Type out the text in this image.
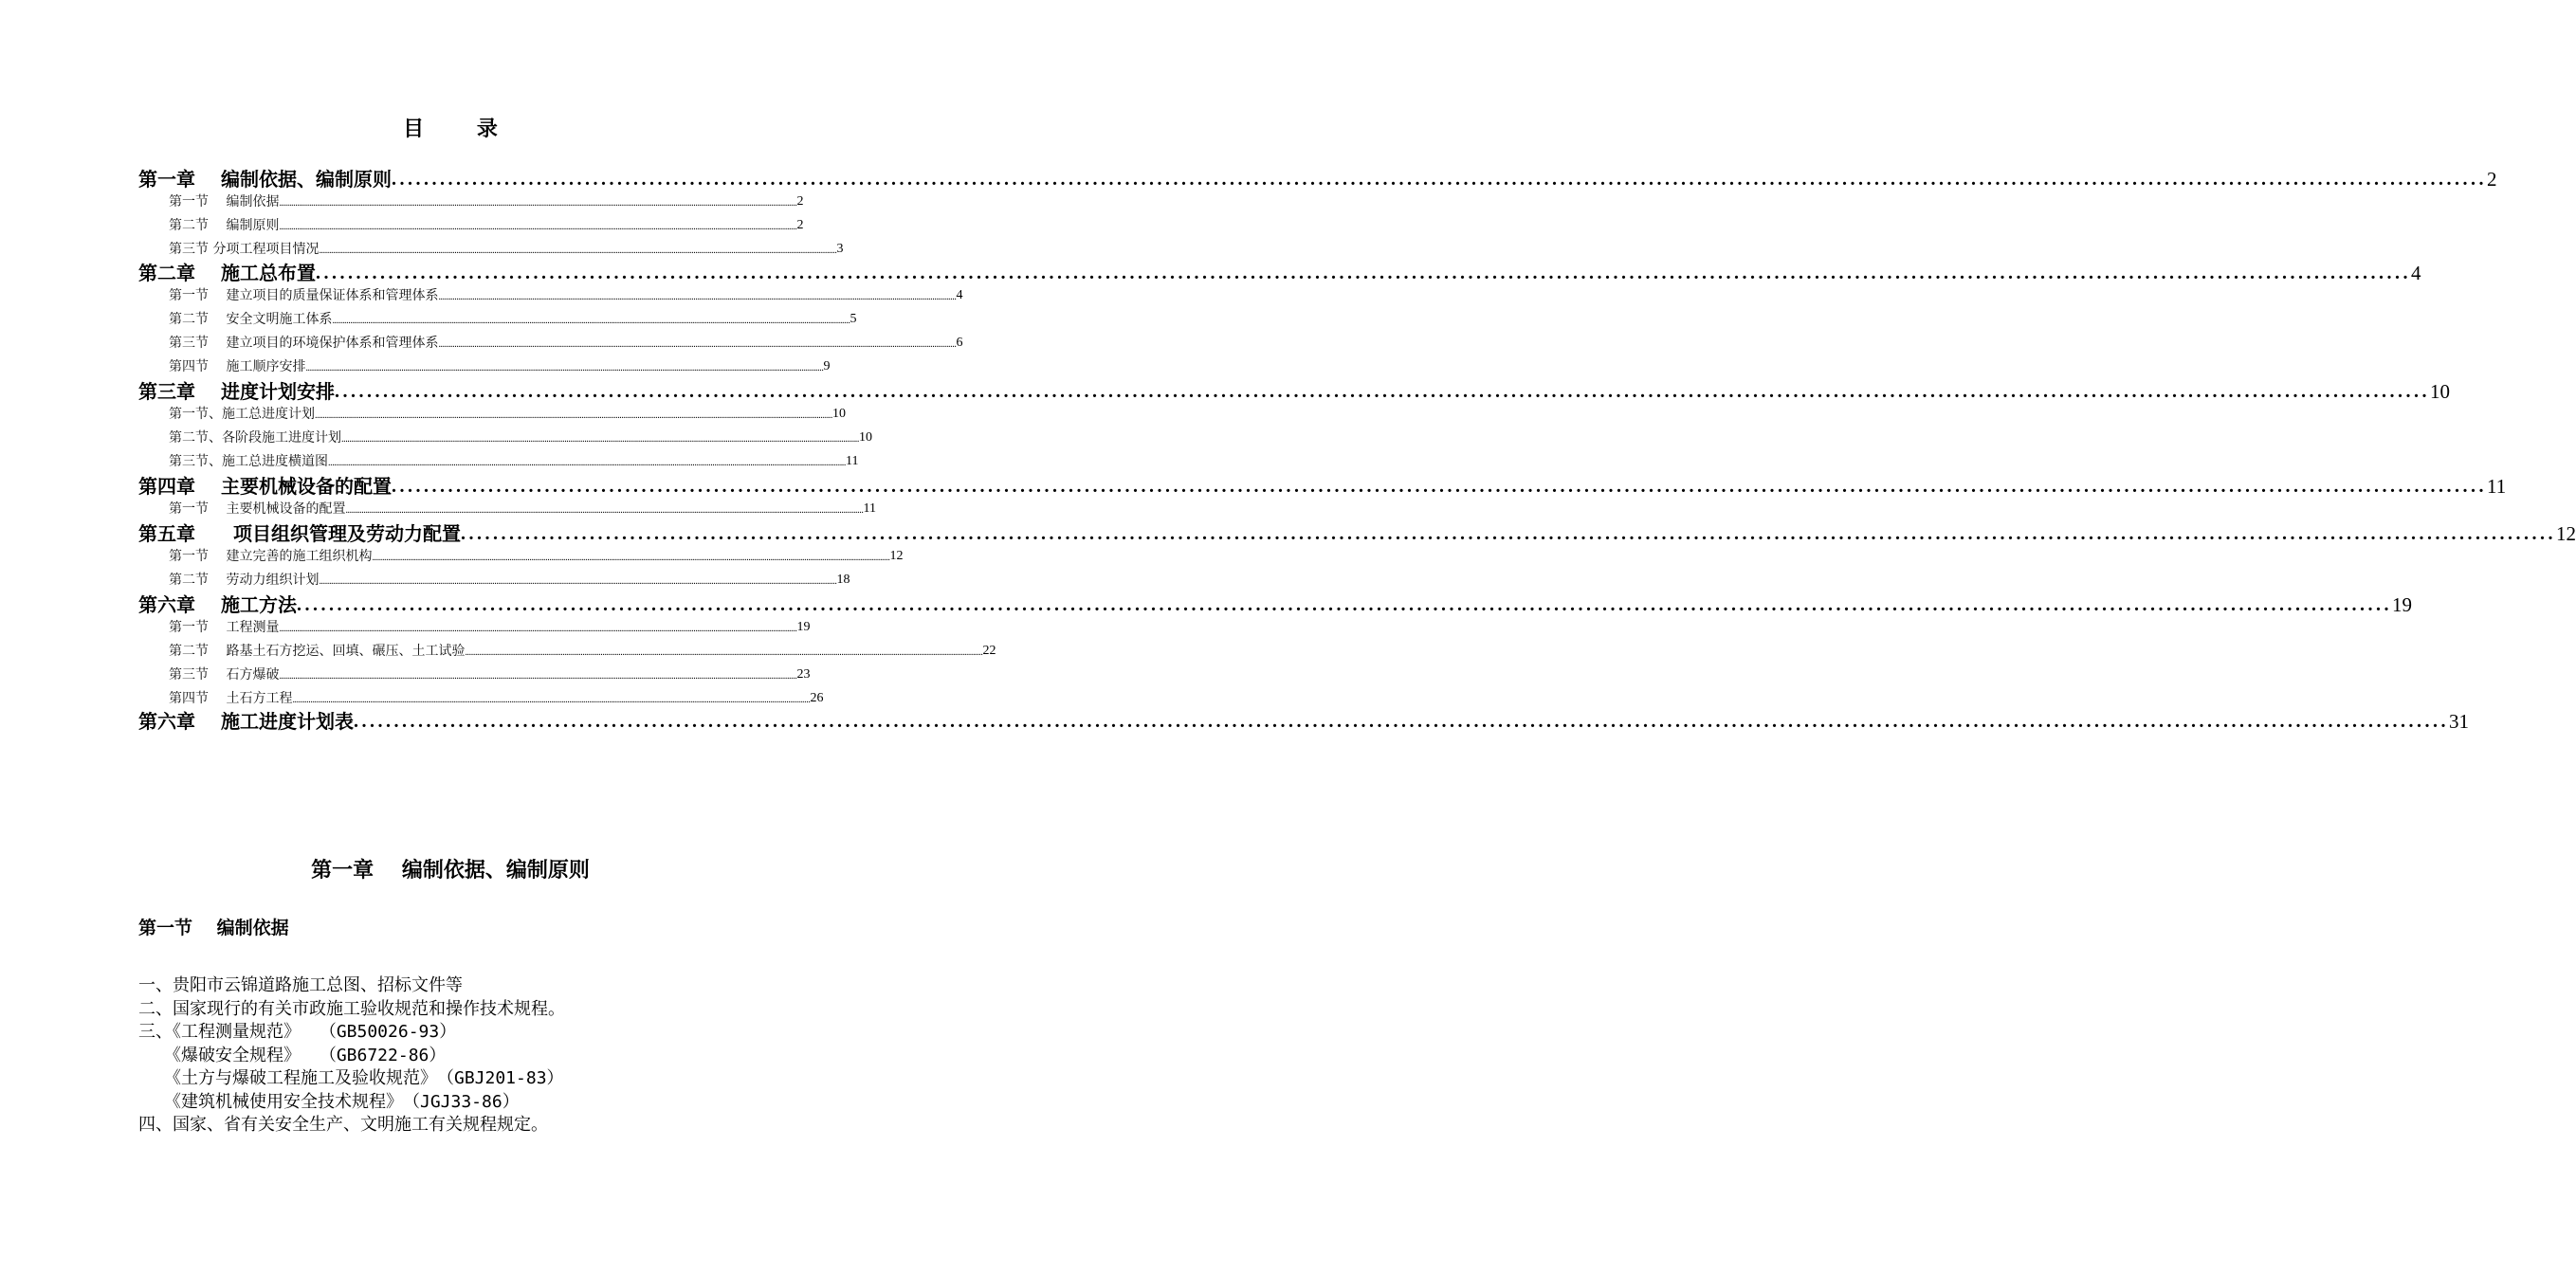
目 录
第一章　 编制依据、编制原则 .................................................................................................................................................................................................................................................................... 2
第一节　 编制依据 .................................................................................................................................................................................................................................................................... 2
第二节　 编制原则 .................................................................................................................................................................................................................................................................... 2
第三节 分项工程项目情况 .................................................................................................................................................................................................................................................................... 3
第二章　 施工总布置 .................................................................................................................................................................................................................................................................... 4
第一节　 建立项目的质量保证体系和管理体系 .................................................................................................................................................................................................................................................................... 4
第二节　 安全文明施工体系 .................................................................................................................................................................................................................................................................... 5
第三节　 建立项目的环境保护体系和管理体系 .................................................................................................................................................................................................................................................................... 6
第四节　 施工顺序安排 .................................................................................................................................................................................................................................................................... 9
第三章　 进度计划安排 .................................................................................................................................................................................................................................................................... 10
第一节、施工总进度计划 .................................................................................................................................................................................................................................................................... 10
第二节、各阶段施工进度计划 .................................................................................................................................................................................................................................................................... 10
第三节、施工总进度横道图 .................................................................................................................................................................................................................................................................... 11
第四章　 主要机械设备的配置 .................................................................................................................................................................................................................................................................... 11
第一节　 主要机械设备的配置 .................................................................................................................................................................................................................................................................... 11
第五章　　项目组织管理及劳动力配置 .................................................................................................................................................................................................................................................................... 12
第一节　 建立完善的施工组织机构 .................................................................................................................................................................................................................................................................... 12
第二节　 劳动力组织计划 .................................................................................................................................................................................................................................................................... 18
第六章　 施工方法 .................................................................................................................................................................................................................................................................... 19
第一节　 工程测量 .................................................................................................................................................................................................................................................................... 19
第二节　 路基土石方挖运、回填、碾压、土工试验 .................................................................................................................................................................................................................................................................... 22
第三节　 石方爆破 .................................................................................................................................................................................................................................................................... 23
第四节　 土石方工程 .................................................................................................................................................................................................................................................................... 26
第六章　 施工进度计划表 .................................................................................................................................................................................................................................................................... 31
第一章　 编制依据、编制原则
第一节　 编制依据
一、贵阳市云锦道路施工总图、招标文件等
二、国家现行的有关市政施工验收规范和操作技术规程。
三、《工程测量规范》　 （GB50026-93）
　　《爆破安全规程》　 （GB6722-86）
　　《土方与爆破工程施工及验收规范》　（GBJ201-83）
　　《建筑机械使用安全技术规程》　（JGJ33-86）
四、国家、省有关安全生产、文明施工有关规程规定。
